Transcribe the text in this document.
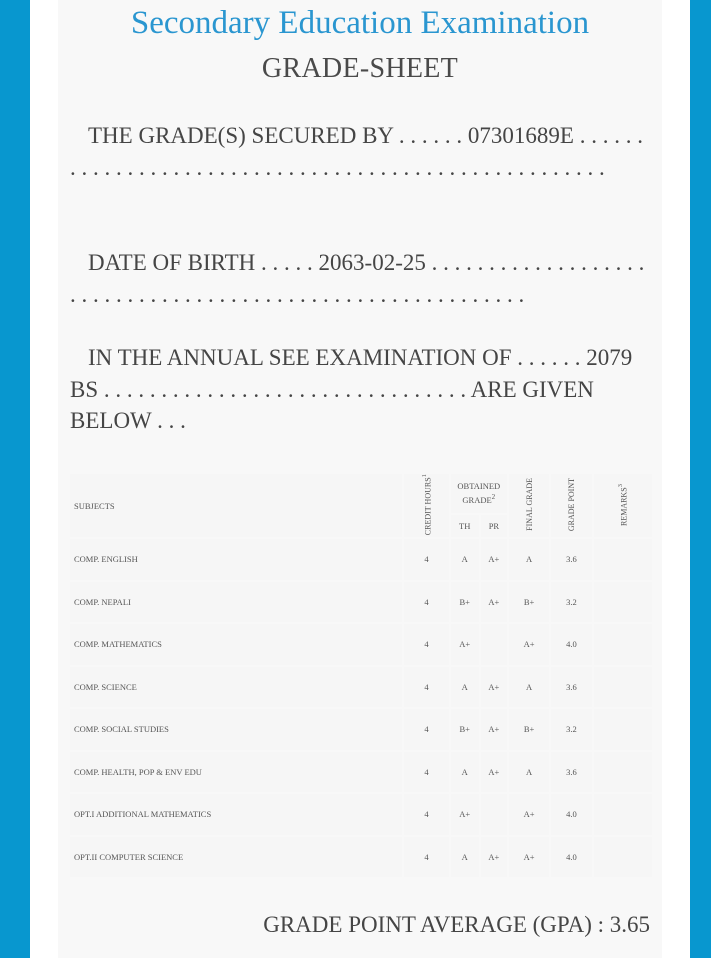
Secondary Education Examination
GRADE-SHEET
THE GRADE(S) SECURED BY . . . . . . 07301689E . . . . . . . . . . . . . . . . . . . . . . . . . . . . . . . . . . . . . . . . . . . . . . . . . . . . .
DATE OF BIRTH . . . . . 2063-02-25 . . . . . . . . . . . . . . . . . . . . . . . . . . . . . . . . . . . . . . . . . . . . . . . . . . . . . . . . . . .
IN THE ANNUAL SEE EXAMINATION OF . . . . . . 2079 BS . . . . . . . . . . . . . . . . . . . . . . . . . . . . . . . . ARE GIVEN BELOW . . .
SUBJECTS	CREDIT HOURS$^1$	OBTAINED GRADE$^2$		FINAL GRADE	GRADE POINT	REMARKS$^3$
		TH	PR			
COMP. ENGLISH	4	A	A+	A	3.6	
COMP. NEPALI	4	B+	A+	B+	3.2	
COMP. MATHEMATICS	4	A+		A+	4.0	
COMP. SCIENCE	4	A	A+	A	3.6	
COMP. SOCIAL STUDIES	4	B+	A+	B+	3.2	
COMP. HEALTH, POP & ENV EDU	4	A	A+	A	3.6	
OPT.I ADDITIONAL MATHEMATICS	4	A+		A+	4.0	
OPT.II COMPUTER SCIENCE	4	A	A+	A+	4.0	
GRADE POINT AVERAGE (GPA) : 3.65
